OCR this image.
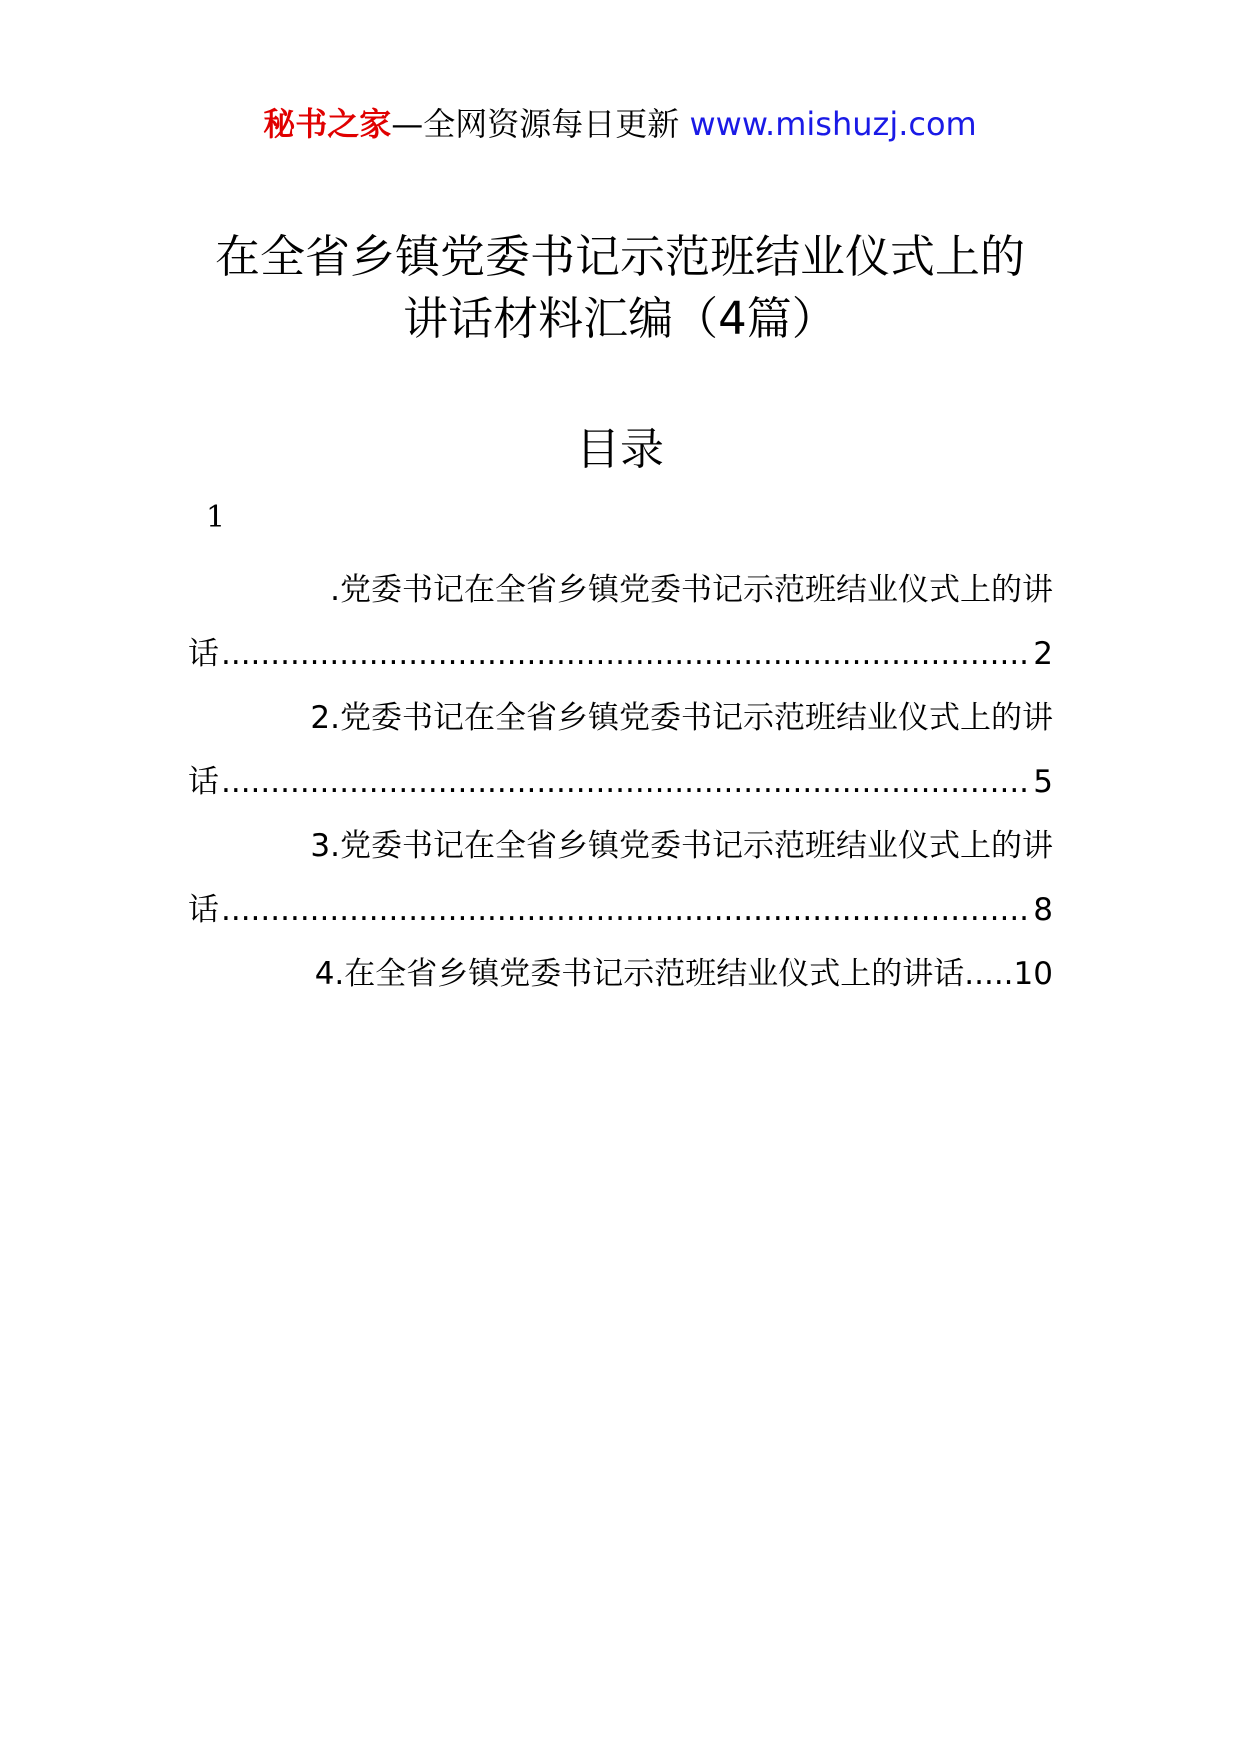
秘书之家—全网资源每日更新 www.mishuzj.com
在全省乡镇党委书记示范班结业仪式上的
讲话材料汇编（4篇）
目录
1
.党委书记在全省乡镇党委书记示范班结业仪式上的讲
话 .....	2
2.党委书记在全省乡镇党委书记示范班结业仪式上的讲
话 .....	5
3.党委书记在全省乡镇党委书记示范班结业仪式上的讲
话 .....	8
4.在全省乡镇党委书记示范班结业仪式上的讲话 ..... 10
